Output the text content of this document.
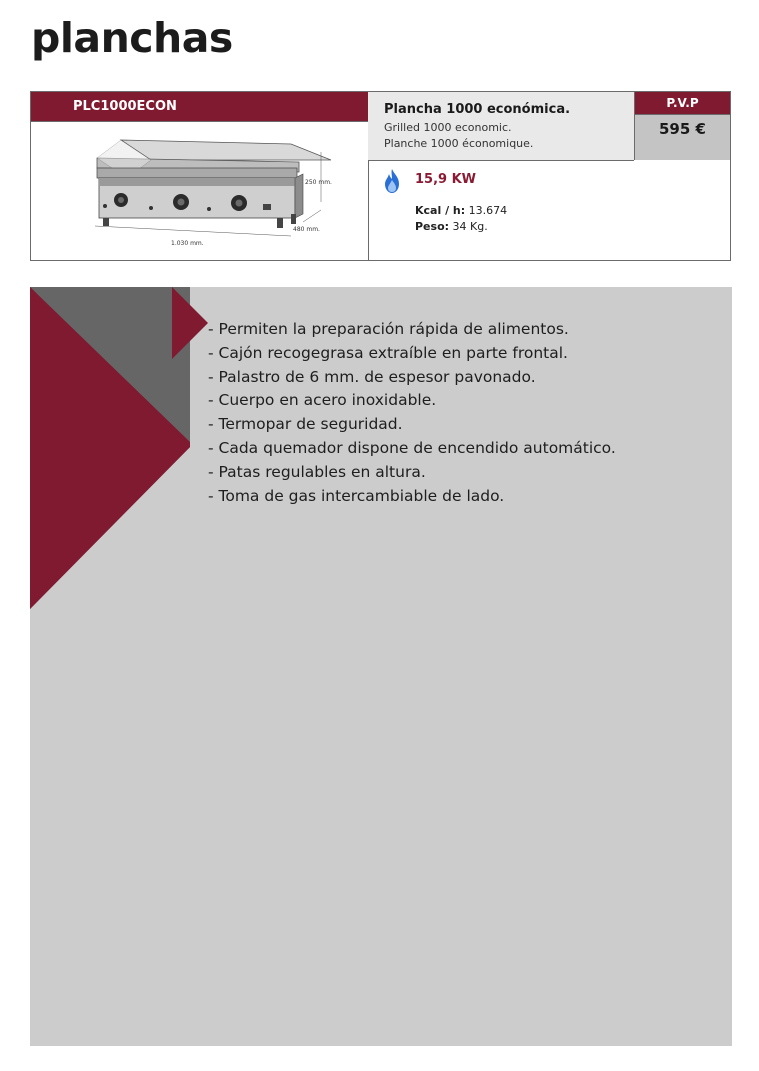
planchas
PLC1000ECON
250 mm.
480 mm.
1.030 mm.
Plancha 1000 económica.
Grilled 1000 economic.
Planche 1000 économique.
P.V.P
595 €
15,9 KW
Kcal / h: 13.674
Peso: 34 Kg.
- Permiten la preparación rápida de alimentos.
- Cajón recogegrasa extraíble en parte frontal.
- Palastro de 6 mm. de espesor pavonado.
- Cuerpo en acero inoxidable.
- Termopar de seguridad.
- Cada quemador dispone de encendido automático.
- Patas regulables en altura.
- Toma de gas intercambiable de lado.
